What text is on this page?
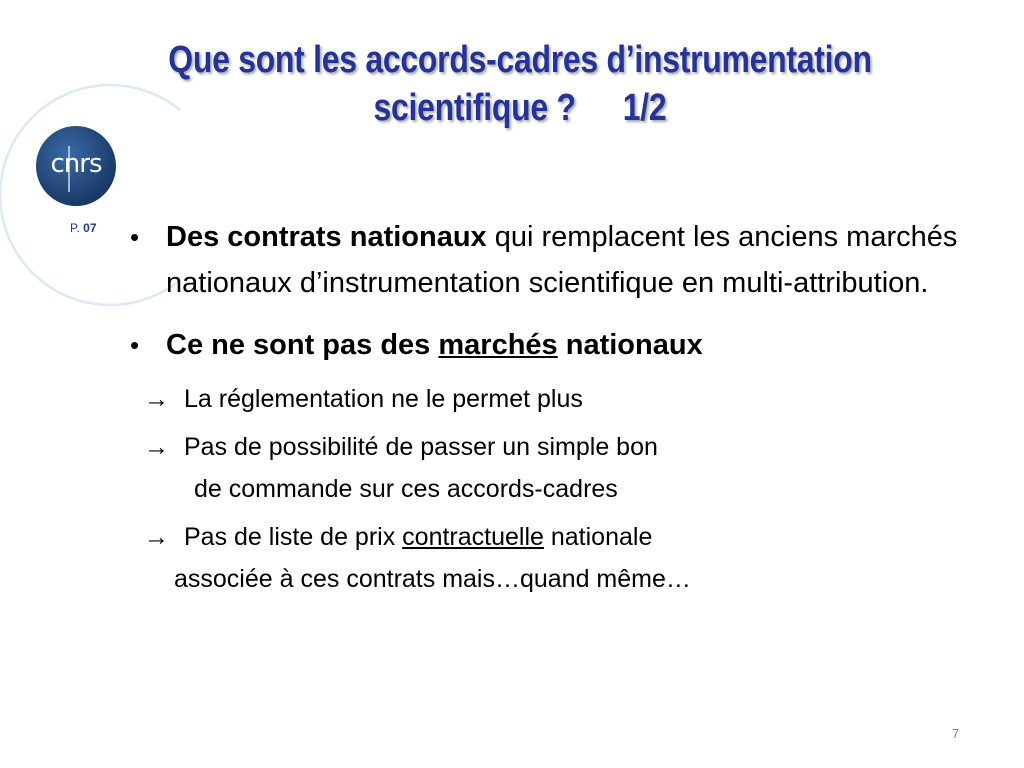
cnrs
P. 07
Que sont les accords-cadres d’instrumentation
scientifique ? 1/2
• Des contrats nationaux qui remplacent les anciens marchés nationaux d’instrumentation scientifique en multi-attribution.
• Ce ne sont pas des marchés nationaux
→ La réglementation ne le permet plus
→ Pas de possibilité de passer un simple bon
de commande sur ces accords-cadres
→ Pas de liste de prix contractuelle nationale
associée à ces contrats mais…quand même…
7
